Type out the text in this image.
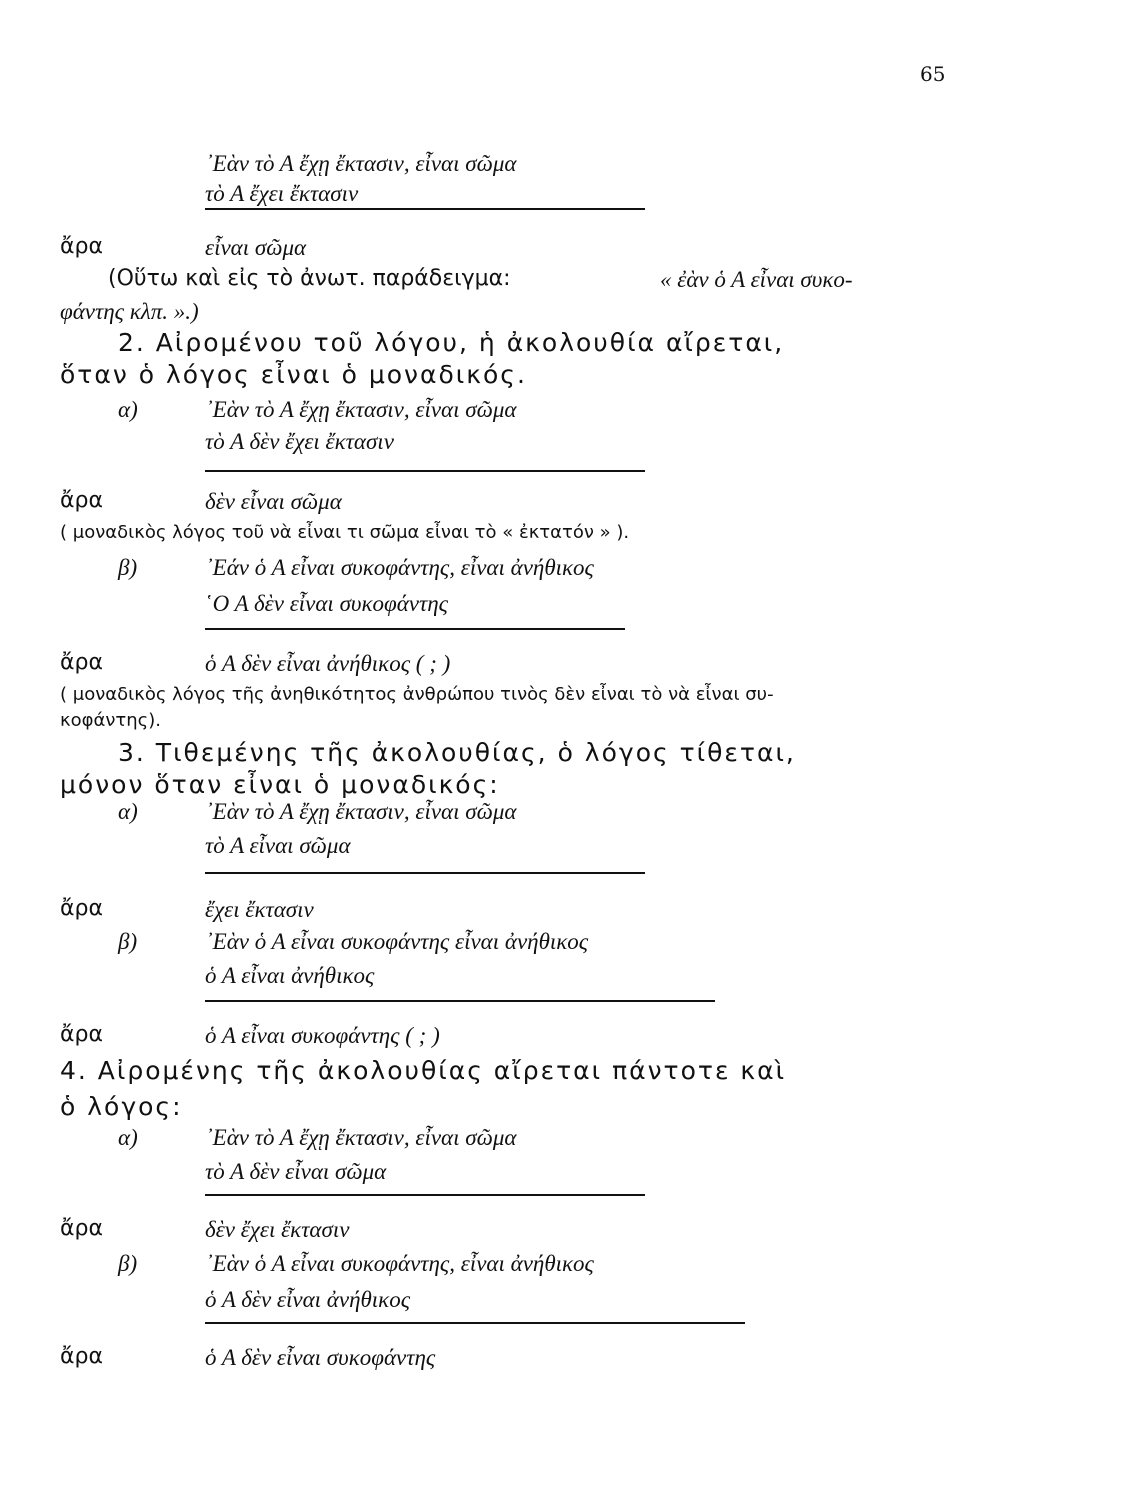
65
᾽Εὰν τὸ Α ἔχῃ ἔκτασιν, εἶναι σῶμα
τὸ Α ἔχει ἔκτασιν
ἄρα	εἶναι σῶμα
(Οὕτω καὶ εἰς τὸ ἀνωτ. παράδειγμα:	« ἐὰν ὁ Α εἶναι συκο-
φάντης κλπ. ».)
2. Αἰρομένου τοῦ λόγου, ἡ ἀκολουθία αἴρεται,
ὅταν ὁ λόγος εἶναι ὁ μοναδικός.
α)	᾽Εὰν τὸ Α ἔχῃ ἔκτασιν, εἶναι σῶμα
τὸ Α δὲν ἔχει ἔκτασιν
ἄρα	δὲν εἶναι σῶμα
( μοναδικὸς λόγος τοῦ νὰ εἶναι τι σῶμα εἶναι τὸ « ἐκτατόν » ).
β)	᾽Εάν ὁ Α εἶναι συκοφάντης, εἶναι ἀνήθικος
῾Ο Α δὲν εἶναι συκοφάντης
ἄρα	ὁ Α δὲν εἶναι ἀνήθικος ( ; )
( μοναδικὸς λόγος τῆς ἀνηθικότητος ἀνθρώπου τινὸς δὲν εἶναι τὸ νὰ εἶναι συ-
κοφάντης).
3. Τιθεμένης τῆς ἀκολουθίας, ὁ λόγος τίθεται,
μόνον ὅταν εἶναι ὁ μοναδικός:
α)	᾽Εὰν τὸ Α ἔχῃ ἔκτασιν, εἶναι σῶμα
τὸ Α εἶναι σῶμα
ἄρα	ἔχει ἔκτασιν
β)	᾽Εὰν ὁ Α εἶναι συκοφάντης εἶναι ἀνήθικος
ὁ Α εἶναι ἀνήθικος
ἄρα	ὁ Α εἶναι συκοφάντης ( ; )
4. Αἰρομένης τῆς ἀκολουθίας αἴρεται πάντοτε καὶ
ὁ λόγος:
α)	᾽Εὰν τὸ Α ἔχῃ ἔκτασιν, εἶναι σῶμα
τὸ Α δὲν εἶναι σῶμα
ἄρα	δὲν ἔχει ἔκτασιν
β)	᾽Εὰν ὁ Α εἶναι συκοφάντης, εἶναι ἀνήθικος
ὁ Α δὲν εἶναι ἀνήθικος
ἄρα	ὁ Α δὲν εἶναι συκοφάντης
